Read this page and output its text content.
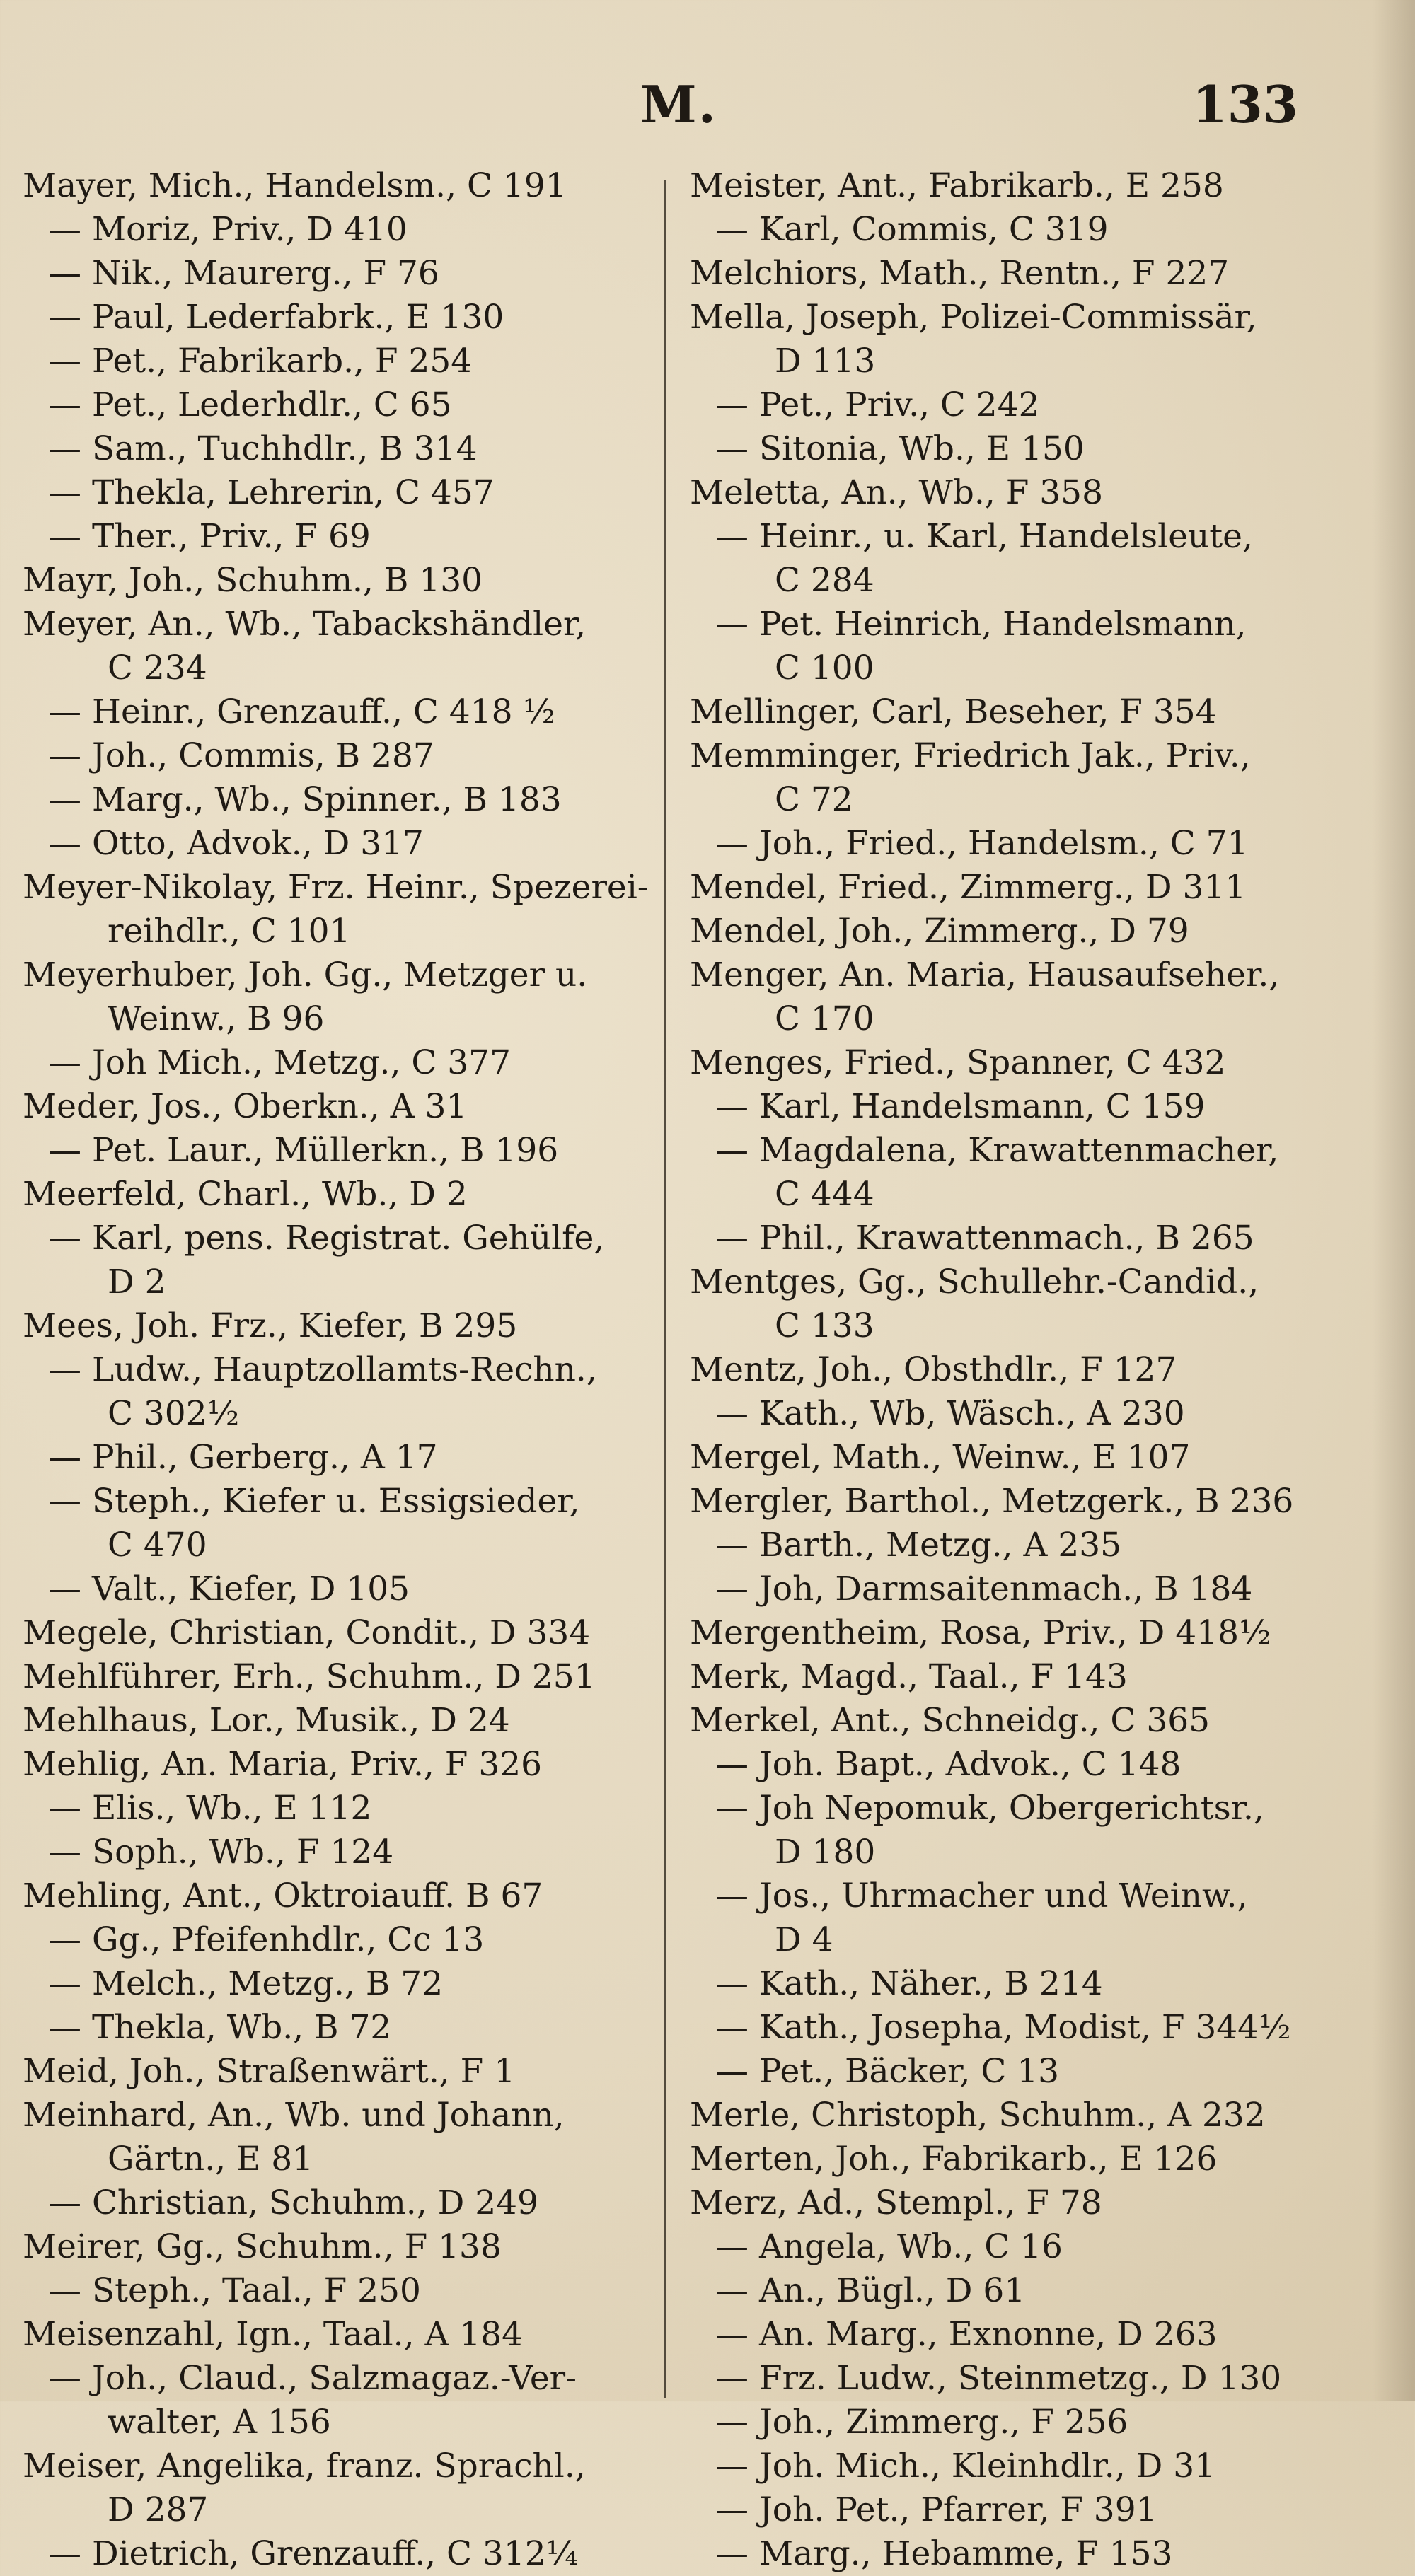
M.	133
Mayer, Mich., Handelsm., C 191
— Moriz, Priv., D 410
— Nik., Maurerg., F 76
— Paul, Lederfabrk., E 130
— Pet., Fabrikarb., F 254
— Pet., Lederhdlr., C 65
— Sam., Tuchhdlr., B 314
— Thekla, Lehrerin, C 457
— Ther., Priv., F 69
Mayr, Joh., Schuhm., B 130
Meyer, An., Wb., Tabackshändler,
C 234
— Heinr., Grenzauff., C 418 ½
— Joh., Commis, B 287
— Marg., Wb., Spinner., B 183
— Otto, Advok., D 317
Meyer-Nikolay, Frz. Heinr., Spezerei-
reihdlr., C 101
Meyerhuber, Joh. Gg., Metzger u.
Weinw., B 96
— Joh Mich., Metzg., C 377
Meder, Jos., Oberkn., A 31
— Pet. Laur., Müllerkn., B 196
Meerfeld, Charl., Wb., D 2
— Karl, pens. Registrat. Gehülfe,
D 2
Mees, Joh. Frz., Kiefer, B 295
— Ludw., Hauptzollamts-Rechn.,
C 302½
— Phil., Gerberg., A 17
— Steph., Kiefer u. Essigsieder,
C 470
— Valt., Kiefer, D 105
Megele, Christian, Condit., D 334
Mehlführer, Erh., Schuhm., D 251
Mehlhaus, Lor., Musik., D 24
Mehlig, An. Maria, Priv., F 326
— Elis., Wb., E 112
— Soph., Wb., F 124
Mehling, Ant., Oktroiauff. B 67
— Gg., Pfeifenhdlr., Cc 13
— Melch., Metzg., B 72
— Thekla, Wb., B 72
Meid, Joh., Straßenwärt., F 1
Meinhard, An., Wb. und Johann,
Gärtn., E 81
— Christian, Schuhm., D 249
Meirer, Gg., Schuhm., F 138
— Steph., Taal., F 250
Meisenzahl, Ign., Taal., A 184
— Joh., Claud., Salzmagaz.-Ver-
walter, A 156
Meiser, Angelika, franz. Sprachl.,
D 287
— Dietrich, Grenzauff., C 312¼
Meister, Ant., Fabrikarb., E 258
— Karl, Commis, C 319
Melchiors, Math., Rentn., F 227
Mella, Joseph, Polizei-Commissär,
D 113
— Pet., Priv., C 242
— Sitonia, Wb., E 150
Meletta, An., Wb., F 358
— Heinr., u. Karl, Handelsleute,
C 284
— Pet. Heinrich, Handelsmann,
C 100
Mellinger, Carl, Beseher, F 354
Memminger, Friedrich Jak., Priv.,
C 72
— Joh., Fried., Handelsm., C 71
Mendel, Fried., Zimmerg., D 311
Mendel, Joh., Zimmerg., D 79
Menger, An. Maria, Hausaufseher.,
C 170
Menges, Fried., Spanner, C 432
— Karl, Handelsmann, C 159
— Magdalena, Krawattenmacher,
C 444
— Phil., Krawattenmach., B 265
Mentges, Gg., Schullehr.-Candid.,
C 133
Mentz, Joh., Obsthdlr., F 127
— Kath., Wb, Wäsch., A 230
Mergel, Math., Weinw., E 107
Mergler, Barthol., Metzgerk., B 236
— Barth., Metzg., A 235
— Joh, Darmsaitenmach., B 184
Mergentheim, Rosa, Priv., D 418½
Merk, Magd., Taal., F 143
Merkel, Ant., Schneidg., C 365
— Joh. Bapt., Advok., C 148
— Joh Nepomuk, Obergerichtsr.,
D 180
— Jos., Uhrmacher und Weinw.,
D 4
— Kath., Näher., B 214
— Kath., Josepha, Modist, F 344½
— Pet., Bäcker, C 13
Merle, Christoph, Schuhm., A 232
Merten, Joh., Fabrikarb., E 126
Merz, Ad., Stempl., F 78
— Angela, Wb., C 16
— An., Bügl., D 61
— An. Marg., Exnonne, D 263
— Frz. Ludw., Steinmetzg., D 130
— Joh., Zimmerg., F 256
— Joh. Mich., Kleinhdlr., D 31
— Joh. Pet., Pfarrer, F 391
— Marg., Hebamme, F 153
